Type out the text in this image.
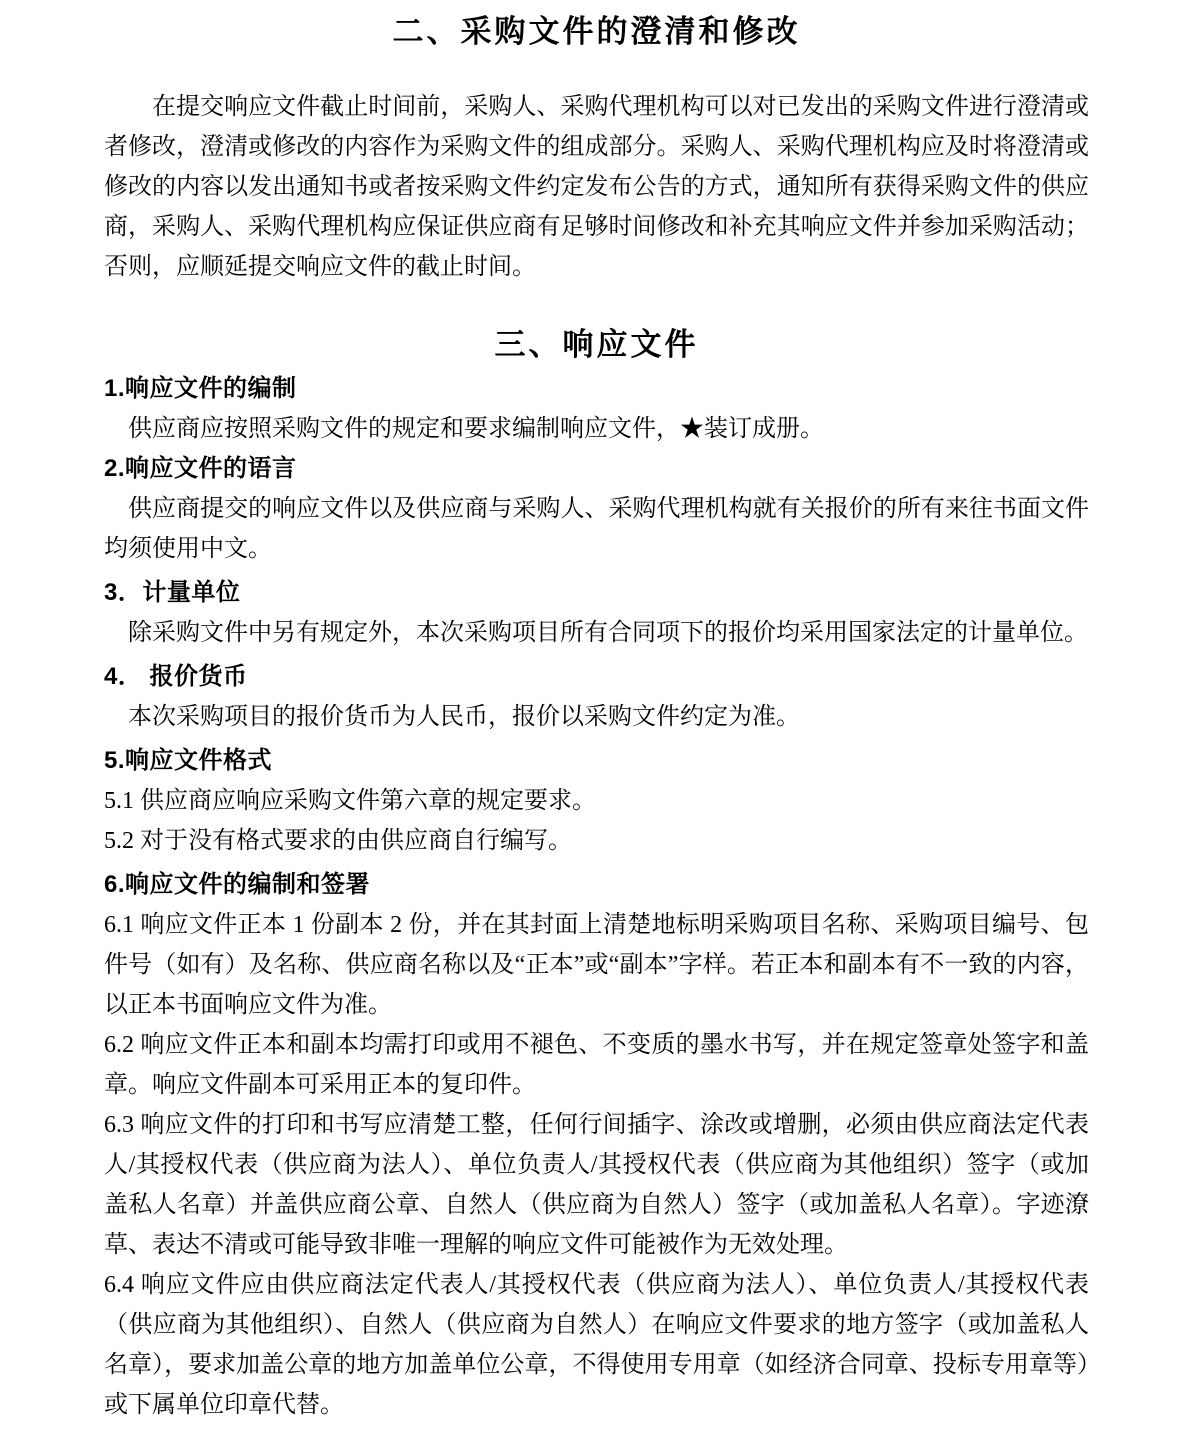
二、采购文件的澄清和修改

在提交响应文件截止时间前，采购人、采购代理机构可以对已发出的采购文件进行澄清或者修改，澄清或修改的内容作为采购文件的组成部分。采购人、采购代理机构应及时将澄清或修改的内容以发出通知书或者按采购文件约定发布公告的方式，通知所有获得采购文件的供应商，采购人、采购代理机构应保证供应商有足够时间修改和补充其响应文件并参加采购活动；否则，应顺延提交响应文件的截止时间。

三、响应文件
1.响应文件的编制

供应商应按照采购文件的规定和要求编制响应文件，★装订成册。

2.响应文件的语言

供应商提交的响应文件以及供应商与采购人、采购代理机构就有关报价的所有来往书面文件均须使用中文。

3．计量单位

除采购文件中另有规定外，本次采购项目所有合同项下的报价均采用国家法定的计量单位。

4． 报价货币

本次采购项目的报价货币为人民币，报价以采购文件约定为准。

5.响应文件格式

5.1 供应商应响应采购文件第六章的规定要求。

5.2 对于没有格式要求的由供应商自行编写。

6.响应文件的编制和签署

6.1 响应文件正本 1 份副本 2 份，并在其封面上清楚地标明采购项目名称、采购项目编号、包件号（如有）及名称、供应商名称以及“正本”或“副本”字样。若正本和副本有不一致的内容，以正本书面响应文件为准。

6.2 响应文件正本和副本均需打印或用不褪色、不变质的墨水书写，并在规定签章处签字和盖章。响应文件副本可采用正本的复印件。

6.3 响应文件的打印和书写应清楚工整，任何行间插字、涂改或增删，必须由供应商法定代表人/其授权代表（供应商为法人）、单位负责人/其授权代表（供应商为其他组织）签字（或加盖私人名章）并盖供应商公章、自然人（供应商为自然人）签字（或加盖私人名章）。字迹潦草、表达不清或可能导致非唯一理解的响应文件可能被作为无效处理。

6.4 响应文件应由供应商法定代表人/其授权代表（供应商为法人）、单位负责人/其授权代表（供应商为其他组织）、自然人（供应商为自然人）在响应文件要求的地方签字（或加盖私人名章），要求加盖公章的地方加盖单位公章，不得使用专用章（如经济合同章、投标专用章等）或下属单位印章代替。
